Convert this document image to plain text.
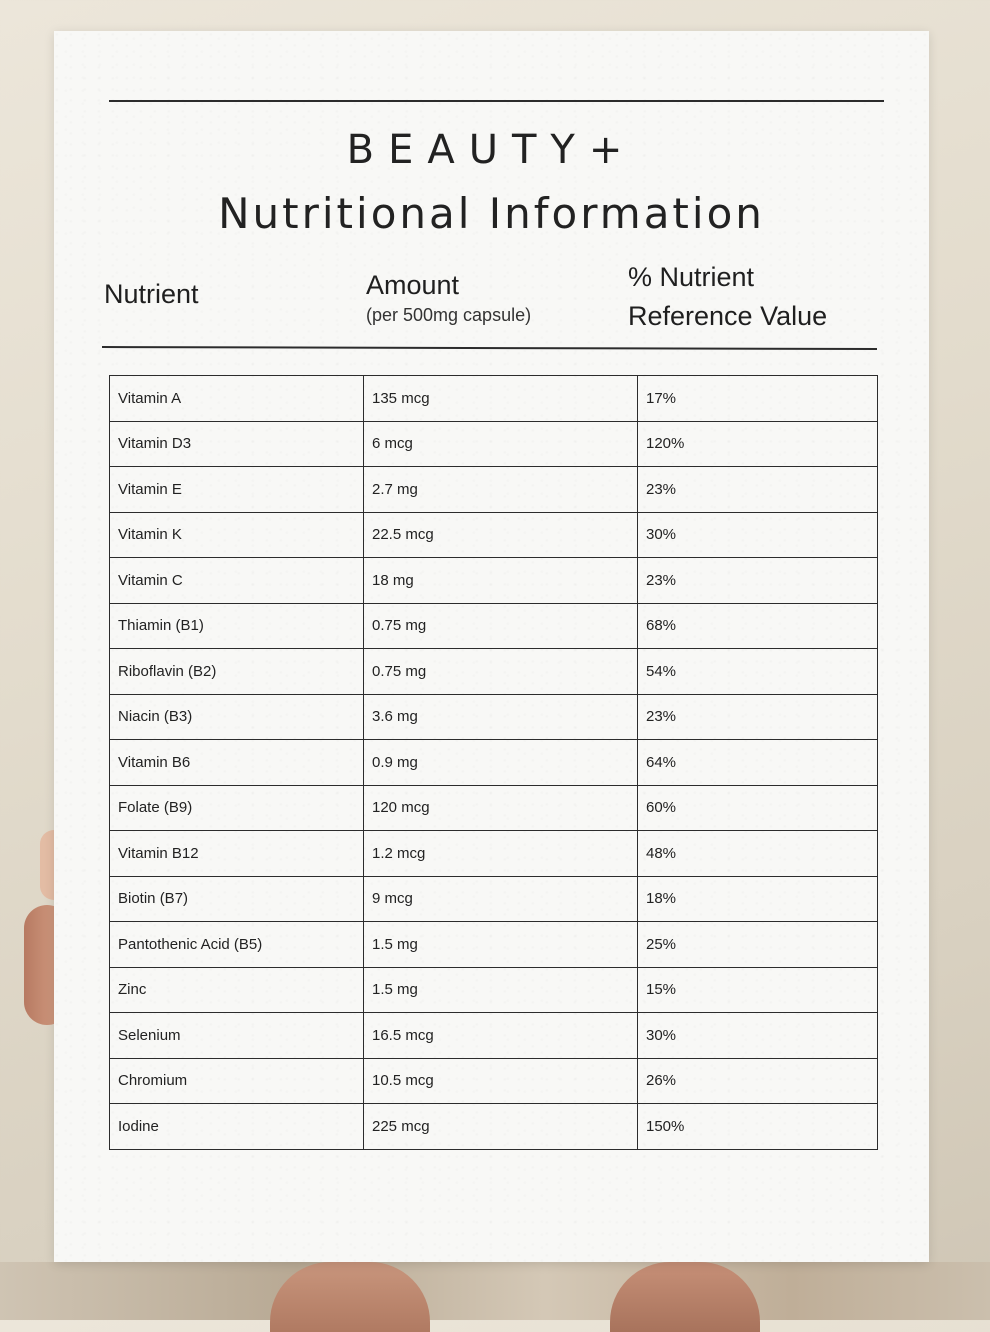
BEAUTY+
Nutritional Information
Nutrient	Amount
(per 500mg capsule)
% Nutrient
Reference Value
Vitamin A	135 mcg	17%
Vitamin D3	6 mcg	120%
Vitamin E	2.7 mg	23%
Vitamin K	22.5 mcg	30%
Vitamin C	18 mg	23%
Thiamin (B1)	0.75 mg	68%
Riboflavin (B2)	0.75 mg	54%
Niacin (B3)	3.6 mg	23%
Vitamin B6	0.9 mg	64%
Folate (B9)	120 mcg	60%
Vitamin B12	1.2 mcg	48%
Biotin (B7)	9 mcg	18%
Pantothenic Acid (B5)	1.5 mg	25%
Zinc	1.5 mg	15%
Selenium	16.5 mcg	30%
Chromium	10.5 mcg	26%
Iodine	225 mcg	150%
